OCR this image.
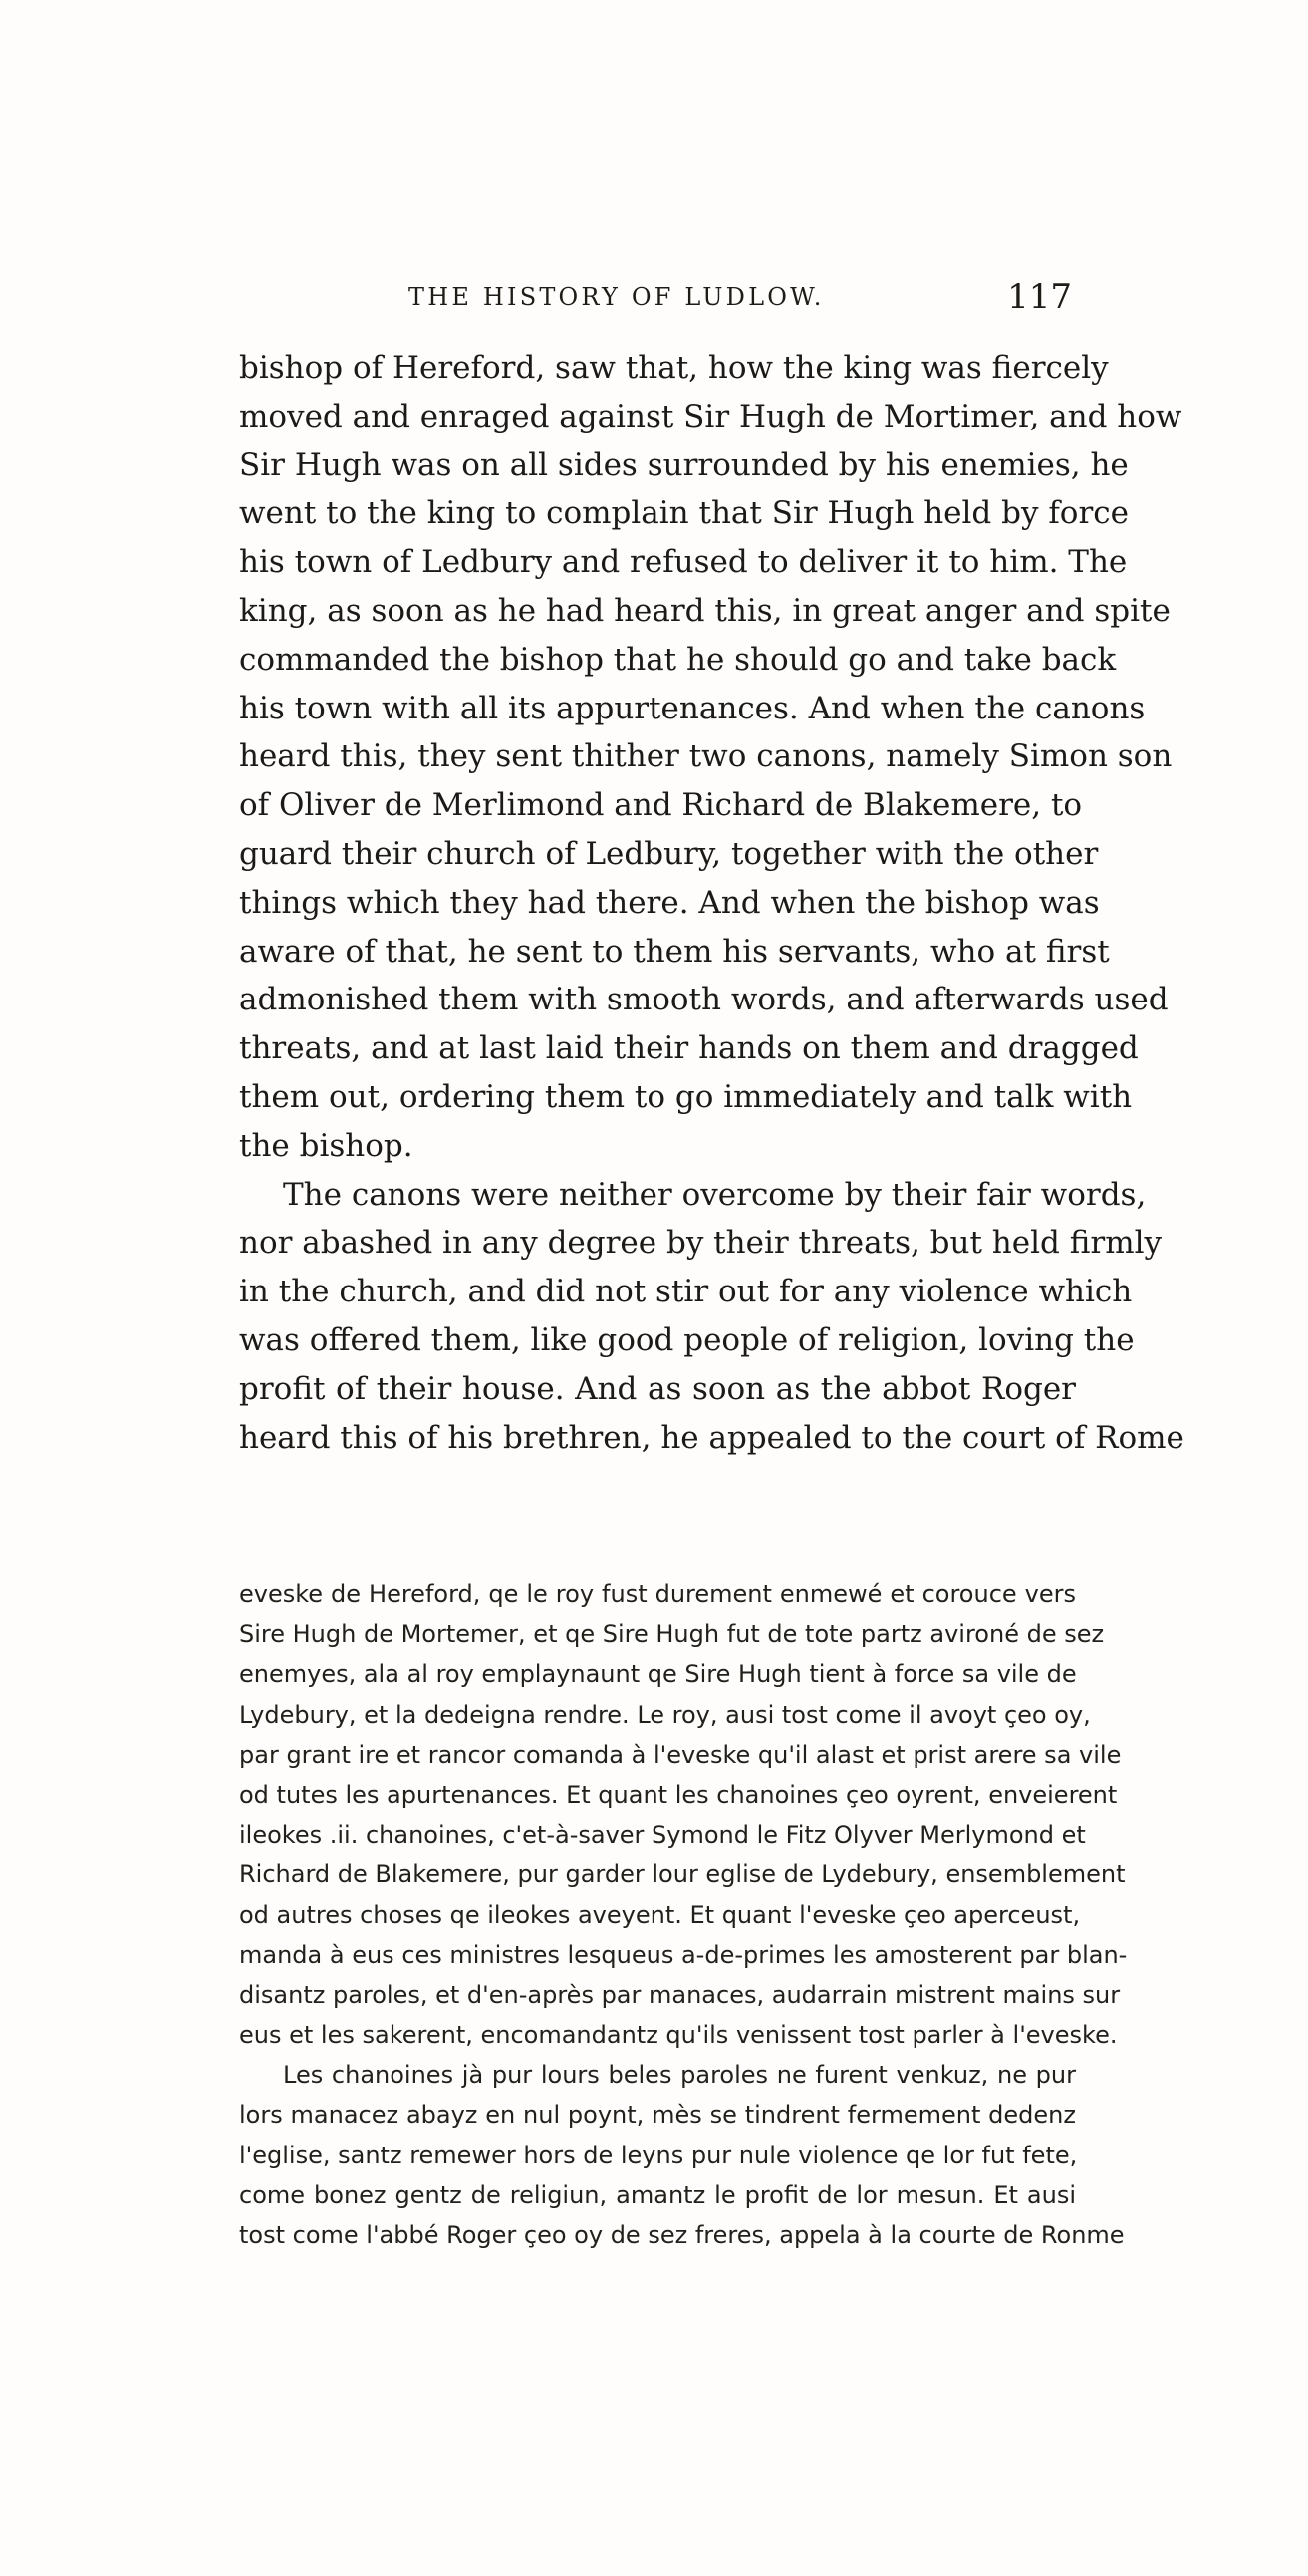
THE HISTORY OF LUDLOW.	117
bishop of Hereford, saw that, how the king was fiercely
moved and enraged against Sir Hugh de Mortimer, and how
Sir Hugh was on all sides surrounded by his enemies, he
went to the king to complain that Sir Hugh held by force
his town of Ledbury and refused to deliver it to him. The
king, as soon as he had heard this, in great anger and spite
commanded the bishop that he should go and take back
his town with all its appurtenances. And when the canons
heard this, they sent thither two canons, namely Simon son
of Oliver de Merlimond and Richard de Blakemere, to
guard their church of Ledbury, together with the other
things which they had there. And when the bishop was
aware of that, he sent to them his servants, who at first
admonished them with smooth words, and afterwards used
threats, and at last laid their hands on them and dragged
them out, ordering them to go immediately and talk with
the bishop.
The canons were neither overcome by their fair words,
nor abashed in any degree by their threats, but held firmly
in the church, and did not stir out for any violence which
was offered them, like good people of religion, loving the
profit of their house. And as soon as the abbot Roger
heard this of his brethren, he appealed to the court of Rome
eveske de Hereford, qe le roy fust durement enmewé et corouce vers
Sire Hugh de Mortemer, et qe Sire Hugh fut de tote partz avironé de sez
enemyes, ala al roy emplaynaunt qe Sire Hugh tient à force sa vile de
Lydebury, et la dedeigna rendre. Le roy, ausi tost come il avoyt çeo oy,
par grant ire et rancor comanda à l'eveske qu'il alast et prist arere sa vile
od tutes les apurtenances. Et quant les chanoines çeo oyrent, enveierent
ileokes .ii. chanoines, c'et-à-saver Symond le Fitz Olyver Merlymond et
Richard de Blakemere, pur garder lour eglise de Lydebury, ensemblement
od autres choses qe ileokes aveyent. Et quant l'eveske çeo aperceust,
manda à eus ces ministres lesqueus a-de-primes les amosterent par blan-
disantz paroles, et d'en-après par manaces, audarrain mistrent mains sur
eus et les sakerent, encomandantz qu'ils venissent tost parler à l'eveske.
Les chanoines jà pur lours beles paroles ne furent venkuz, ne pur
lors manacez abayz en nul poynt, mès se tindrent fermement dedenz
l'eglise, santz remewer hors de leyns pur nule violence qe lor fut fete,
come bonez gentz de religiun, amantz le profit de lor mesun. Et ausi
tost come l'abbé Roger çeo oy de sez freres, appela à la courte de Ronme
